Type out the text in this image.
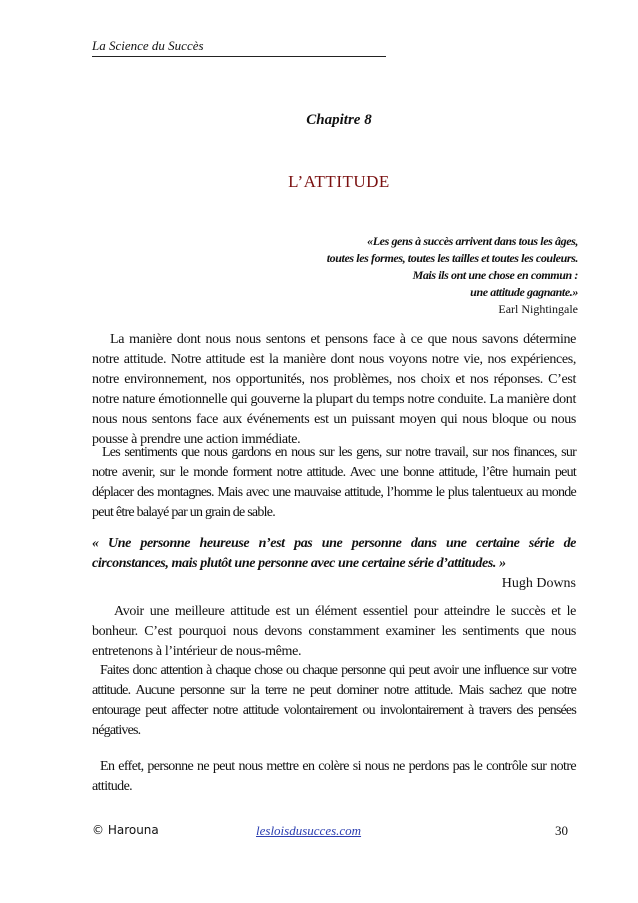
La Science du Succès
Chapitre 8
L’ATTITUDE
«Les gens à succès arrivent dans tous les âges,
toutes les formes, toutes les tailles et toutes les couleurs.
Mais ils ont une chose en commun :
une attitude gagnante.»
Earl Nightingale
La manière dont nous nous sentons et pensons face à ce que nous savons détermine notre attitude. Notre attitude est la manière dont nous voyons notre vie, nos expériences, notre environnement, nos opportunités, nos problèmes, nos choix et nos réponses. C’est notre nature émotionnelle qui gouverne la plupart du temps notre conduite. La manière dont nous nous sentons face aux événements est un puissant moyen qui nous bloque ou nous pousse à prendre une action immédiate.
Les sentiments que nous gardons en nous sur les gens, sur notre travail, sur nos finances, sur notre avenir, sur le monde forment notre attitude. Avec une bonne attitude, l’être humain peut déplacer des montagnes. Mais avec une mauvaise attitude, l’homme le plus talentueux au monde peut être balayé par un grain de sable.
« Une personne heureuse n’est pas une personne dans une certaine série de circonstances, mais plutôt une personne avec une certaine série d’attitudes. »
Hugh Downs
Avoir une meilleure attitude est un élément essentiel pour atteindre le succès et le bonheur. C’est pourquoi nous devons constamment examiner les sentiments que nous entretenons à l’intérieur de nous-même.
Faites donc attention à chaque chose ou chaque personne qui peut avoir une influence sur votre attitude. Aucune personne sur la terre ne peut dominer notre attitude. Mais sachez que notre entourage peut affecter notre attitude volontairement ou involontairement à travers des pensées négatives.
En effet, personne ne peut nous mettre en colère si nous ne perdons pas le contrôle sur notre attitude.
© Harouna	lesloisdusucces.com	30
